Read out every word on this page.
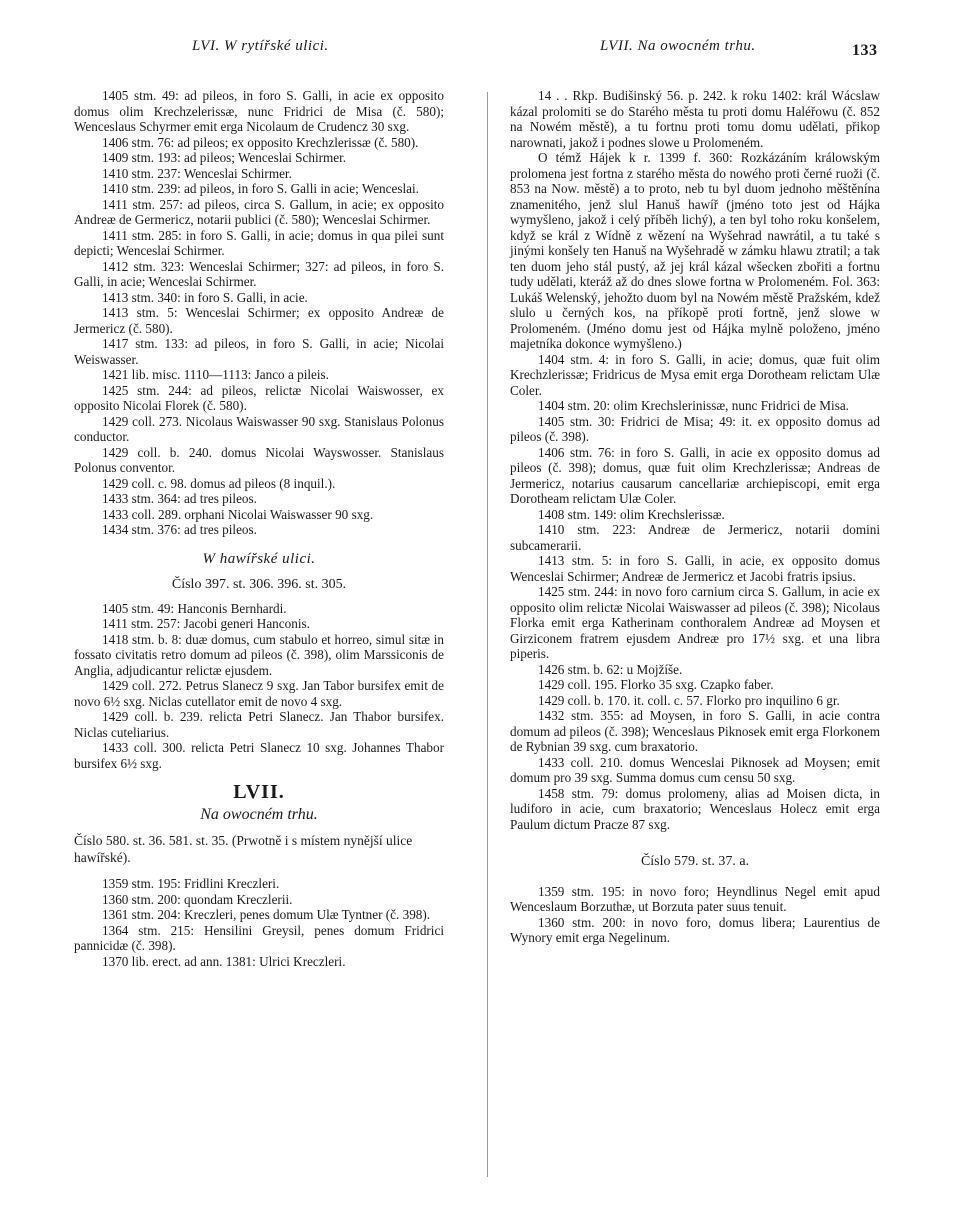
LVI. W rytířské ulici.	LVII. Na owocném trhu.	133

1405 stm. 49: ad pileos, in foro S. Galli, in acie ex opposito domus olim Krechzelerissæ, nunc Fridrici de Misa (č. 580); Wenceslaus Schyrmer emit erga Nicolaum de Crudencz 30 sxg.

1406 stm. 76: ad pileos; ex opposito Krechzlerissæ (č. 580).

1409 stm. 193: ad pileos; Wenceslai Schirmer.

1410 stm. 237: Wenceslai Schirmer.

1410 stm. 239: ad pileos, in foro S. Galli in acie; Wenceslai.

1411 stm. 257: ad pileos, circa S. Gallum, in acie; ex opposito Andreæ de Germericz, notarii publici (č. 580); Wenceslai Schirmer.

1411 stm. 285: in foro S. Galli, in acie; domus in qua pilei sunt depicti; Wenceslai Schirmer.

1412 stm. 323: Wenceslai Schirmer; 327: ad pileos, in foro S. Galli, in acie; Wenceslai Schirmer.

1413 stm. 340: in foro S. Galli, in acie.

1413 stm. 5: Wenceslai Schirmer; ex opposito Andreæ de Jermericz (č. 580).

1417 stm. 133: ad pileos, in foro S. Galli, in acie; Nicolai Weiswasser.

1421 lib. misc. 1110—1113: Janco a pileis.

1425 stm. 244: ad pileos, relictæ Nicolai Waiswosser, ex opposito Nicolai Florek (č. 580).

1429 coll. 273. Nicolaus Waiswasser 90 sxg. Stanislaus Polonus conductor.

1429 coll. b. 240. domus Nicolai Wayswosser. Stanislaus Polonus conventor.

1429 coll. c. 98. domus ad pileos (8 inquil.).

1433 stm. 364: ad tres pileos.

1433 coll. 289. orphani Nicolai Waiswasser 90 sxg.

1434 stm. 376: ad tres pileos.

W hawířské ulici.
Číslo 397. st. 306. 396. st. 305.

1405 stm. 49: Hanconis Bernhardi.

1411 stm. 257: Jacobi generi Hanconis.

1418 stm. b. 8: duæ domus, cum stabulo et horreo, simul sitæ in fossato civitatis retro domum ad pileos (č. 398), olim Marssiconis de Anglia, adjudicantur relictæ ejusdem.

1429 coll. 272. Petrus Slanecz 9 sxg. Jan Tabor bursifex emit de novo 6½ sxg. Niclas cutellator emit de novo 4 sxg.

1429 coll. b. 239. relicta Petri Slanecz. Jan Thabor bursifex. Niclas cuteliarius.

1433 coll. 300. relicta Petri Slanecz 10 sxg. Johannes Thabor bursifex 6½ sxg.

LVII.
Na owocném trhu.
Číslo 580. st. 36. 581. st. 35. (Prwotně i s místem nynější ulice hawířské).

1359 stm. 195: Fridlini Kreczleri.

1360 stm. 200: quondam Kreczlerii.

1361 stm. 204: Kreczleri, penes domum Ulæ Tyntner (č. 398).

1364 stm. 215: Hensilini Greysil, penes domum Fridrici pannicidæ (č. 398).

1370 lib. erect. ad ann. 1381: Ulrici Kreczleri.

14 . . Rkp. Budišinský 56. p. 242. k roku 1402: král Wácslaw kázal prolomiti se do Starého města tu proti domu Haléřowu (č. 852 na Nowém městě), a tu fortnu proti tomu domu udělati, přikop narownati, jakož i podnes slowe u Prolomeném.

O témž Hájek k r. 1399 f. 360: Rozkázáním králowským prolomena jest fortna z starého města do nowého proti černé ruoži (č. 853 na Now. městě) a to proto, neb tu byl duom jednoho měštěnína znamenitého, jenž slul Hanuš hawíř (jméno toto jest od Hájka wymyšleno, jakož i celý příběh lichý), a ten byl toho roku konšelem, když se král z Wídně z wězení na Wyšehrad nawrátil, a tu také s jinými konšely ten Hanuš na Wyšehradě w zámku hlawu ztratil; a tak ten duom jeho stál pustý, až jej král kázal wšecken zbořiti a fortnu tudy udělati, kteráž až do dnes slowe fortna w Prolomeném. Fol. 363: Lukáš Welenský, jehožto duom byl na Nowém městě Pražském, kdež slulo u černých kos, na příkopě proti fortně, jenž slowe w Prolomeném. (Jméno domu jest od Hájka mylně položeno, jméno majetníka dokonce wymyšleno.)

1404 stm. 4: in foro S. Galli, in acie; domus, quæ fuit olim Krechzlerissæ; Fridricus de Mysa emit erga Dorotheam relictam Ulæ Coler.

1404 stm. 20: olim Krechslerinissæ, nunc Fridrici de Misa.

1405 stm. 30: Fridrici de Misa; 49: it. ex opposito domus ad pileos (č. 398).

1406 stm. 76: in foro S. Galli, in acie ex opposito domus ad pileos (č. 398); domus, quæ fuit olim Krechzlerissæ; Andreas de Jermericz, notarius causarum cancellariæ archiepiscopi, emit erga Dorotheam relictam Ulæ Coler.

1408 stm. 149: olim Krechslerissæ.

1410 stm. 223: Andreæ de Jermericz, notarii domini subcamerarii.

1413 stm. 5: in foro S. Galli, in acie, ex opposito domus Wenceslai Schirmer; Andreæ de Jermericz et Jacobi fratris ipsius.

1425 stm. 244: in novo foro carnium circa S. Gallum, in acie ex opposito olim relictæ Nicolai Waiswasser ad pileos (č. 398); Nicolaus Florka emit erga Katherinam conthoralem Andreæ ad Moysen et Girziconem fratrem ejusdem Andreæ pro 17½ sxg. et una libra piperis.

1426 stm. b. 62: u Mojžíše.

1429 coll. 195. Florko 35 sxg. Czapko faber.

1429 coll. b. 170. it. coll. c. 57. Florko pro inquilino 6 gr.

1432 stm. 355: ad Moysen, in foro S. Galli, in acie contra domum ad pileos (č. 398); Wenceslaus Piknosek emit erga Florkonem de Rybnian 39 sxg. cum braxatorio.

1433 coll. 210. domus Wenceslai Piknosek ad Moysen; emit domum pro 39 sxg. Summa domus cum censu 50 sxg.

1458 stm. 79: domus prolomeny, alias ad Moisen dicta, in ludiforo in acie, cum braxatorio; Wenceslaus Holecz emit erga Paulum dictum Pracze 87 sxg.

Číslo 579. st. 37. a.

1359 stm. 195: in novo foro; Heyndlinus Negel emit apud Wenceslaum Borzuthæ, ut Borzuta pater suus tenuit.

1360 stm. 200: in novo foro, domus libera; Laurentius de Wynory emit erga Negelinum.
